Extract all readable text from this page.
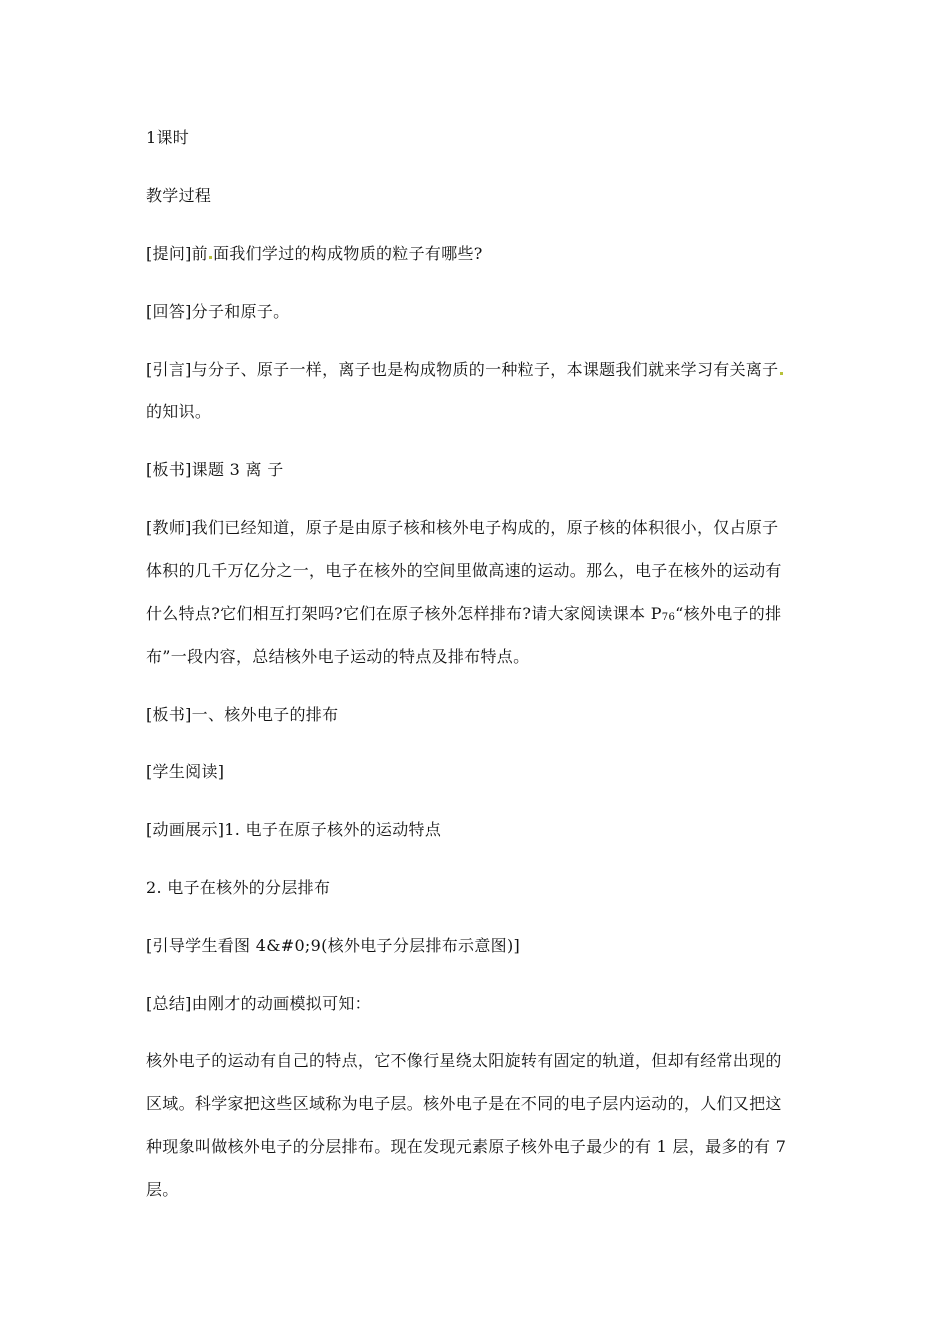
1课时
教学过程
[提问]前 面我们学过的构成物质的粒子有哪些?
[回答]分子和原子。
[引言]与分子、原子一样，离子也是构成物质的一种粒子，本课题我们就来学习有关离子
的知识。
[板书]课题 3 离 子
[教师]我们已经知道，原子是由原子核和核外电子构成的，原子核的体积很小，仅占原子
体积的几千万亿分之一，电子在核外的空间里做高速的运动。那么，电子在核外的运动有
什么特点?它们相互打架吗?它们在原子核外怎样排布?请大家阅读课本 $P_{76}“$核外电子的排
布”一段内容，总结核外电子运动的特点及排布特点。
[板书]一、核外电子的排布
[学生阅读]
[动画展示]1. 电子在原子核外的运动特点
2. 电子在核外的分层排布
[引导学生看图 4&#0;9(核外电子分层排布示意图)]
[总结]由刚才的动画模拟可知：
核外电子的运动有自己的特点，它不像行星绕太阳旋转有固定的轨道，但却有经常出现的
区域。科学家把这些区域称为电子层。核外电子是在不同的电子层内运动的，人们又把这
种现象叫做核外电子的分层排布。现在发现元素原子核外电子最少的有 1 层，最多的有 7
层。
